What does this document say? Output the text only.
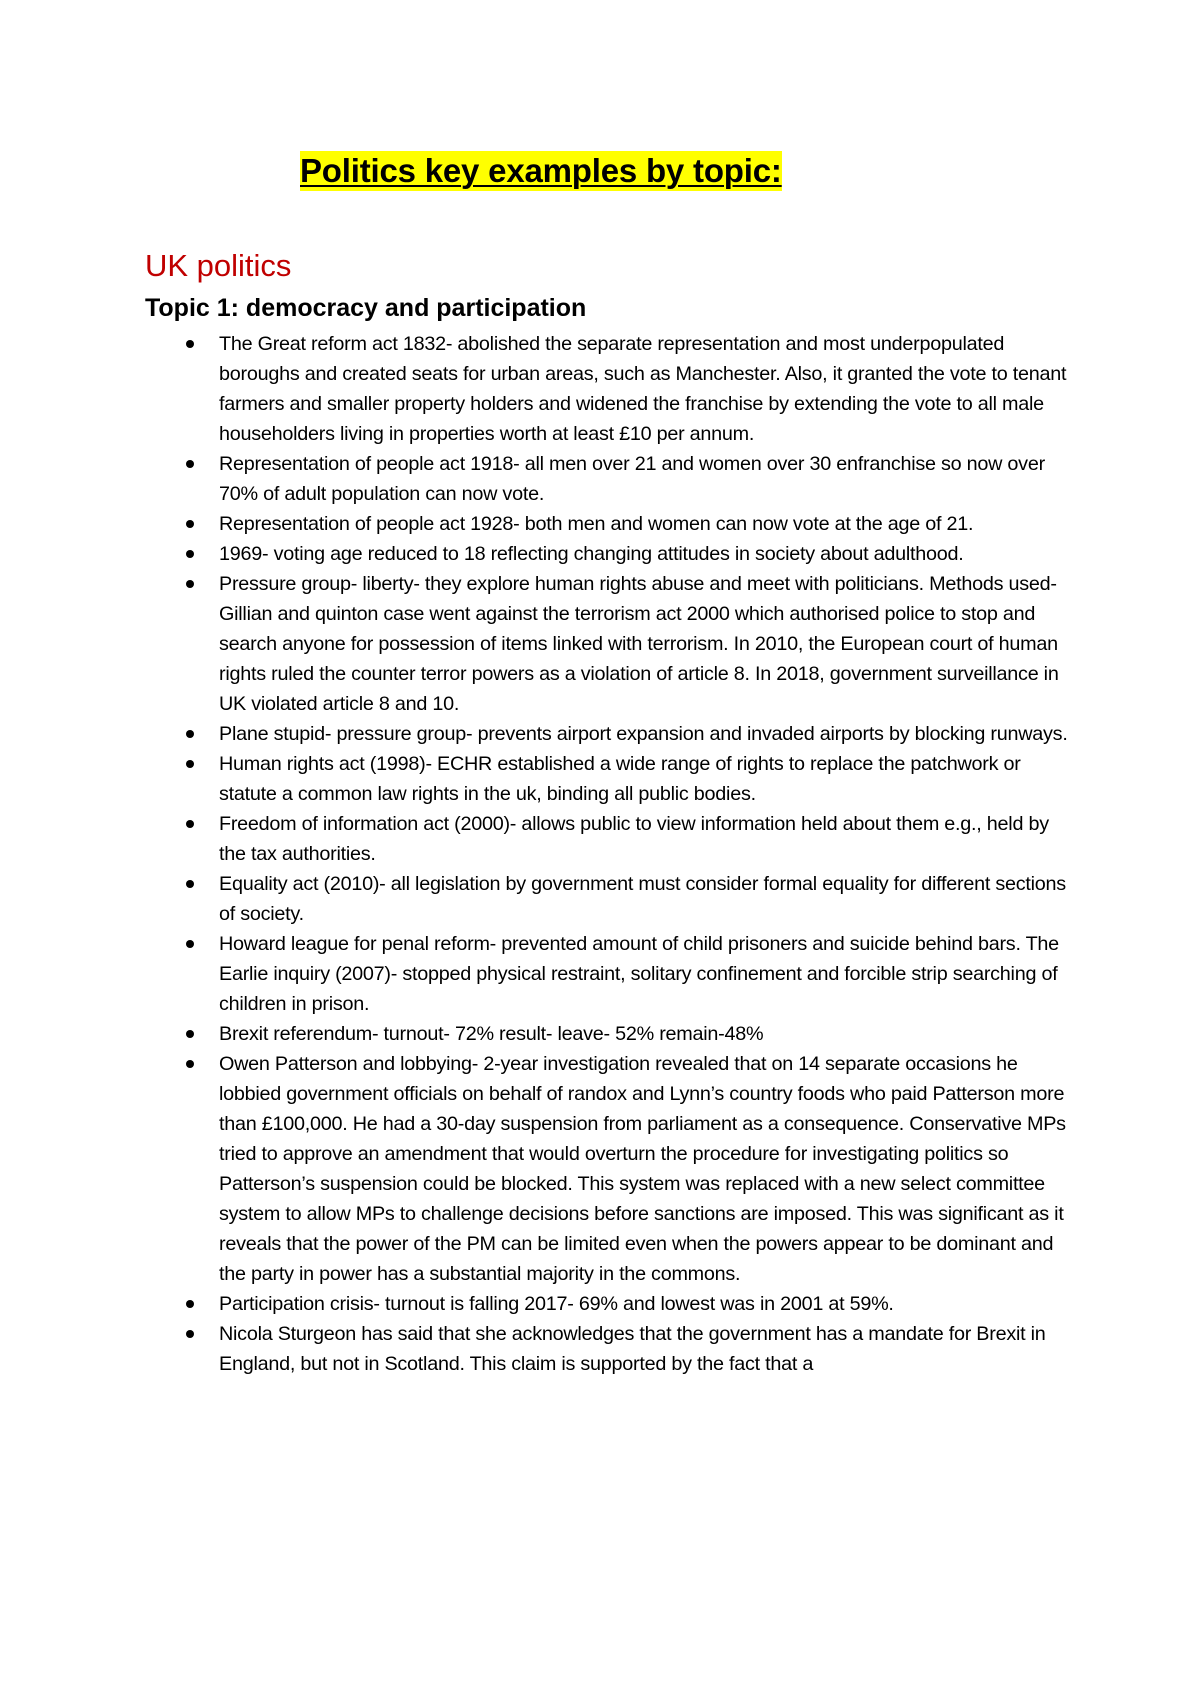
Politics key examples by topic:
UK politics
Topic 1: democracy and participation
The Great reform act 1832- abolished the separate representation and most underpopulated boroughs and created seats for urban areas, such as Manchester. Also, it granted the vote to tenant farmers and smaller property holders and widened the franchise by extending the vote to all male householders living in properties worth at least £10 per annum.
Representation of people act 1918- all men over 21 and women over 30 enfranchise so now over 70% of adult population can now vote.
Representation of people act 1928- both men and women can now vote at the age of 21.
1969- voting age reduced to 18 reflecting changing attitudes in society about adulthood.
Pressure group- liberty- they explore human rights abuse and meet with politicians. Methods used- Gillian and quinton case went against the terrorism act 2000 which authorised police to stop and search anyone for possession of items linked with terrorism. In 2010, the European court of human rights ruled the counter terror powers as a violation of article 8. In 2018, government surveillance in UK violated article 8 and 10.
Plane stupid- pressure group- prevents airport expansion and invaded airports by blocking runways.
Human rights act (1998)- ECHR established a wide range of rights to replace the patchwork or statute a common law rights in the uk, binding all public bodies.
Freedom of information act (2000)- allows public to view information held about them e.g., held by the tax authorities.
Equality act (2010)- all legislation by government must consider formal equality for different sections of society.
Howard league for penal reform- prevented amount of child prisoners and suicide behind bars. The Earlie inquiry (2007)- stopped physical restraint, solitary confinement and forcible strip searching of children in prison.
Brexit referendum- turnout- 72% result- leave- 52% remain-48%
Owen Patterson and lobbying- 2-year investigation revealed that on 14 separate occasions he lobbied government officials on behalf of randox and Lynn’s country foods who paid Patterson more than £100,000. He had a 30-day suspension from parliament as a consequence. Conservative MPs tried to approve an amendment that would overturn the procedure for investigating politics so Patterson’s suspension could be blocked. This system was replaced with a new select committee system to allow MPs to challenge decisions before sanctions are imposed. This was significant as it reveals that the power of the PM can be limited even when the powers appear to be dominant and the party in power has a substantial majority in the commons.
Participation crisis- turnout is falling 2017- 69% and lowest was in 2001 at 59%.
Nicola Sturgeon has said that she acknowledges that the government has a mandate for Brexit in England, but not in Scotland. This claim is supported by the fact that a
